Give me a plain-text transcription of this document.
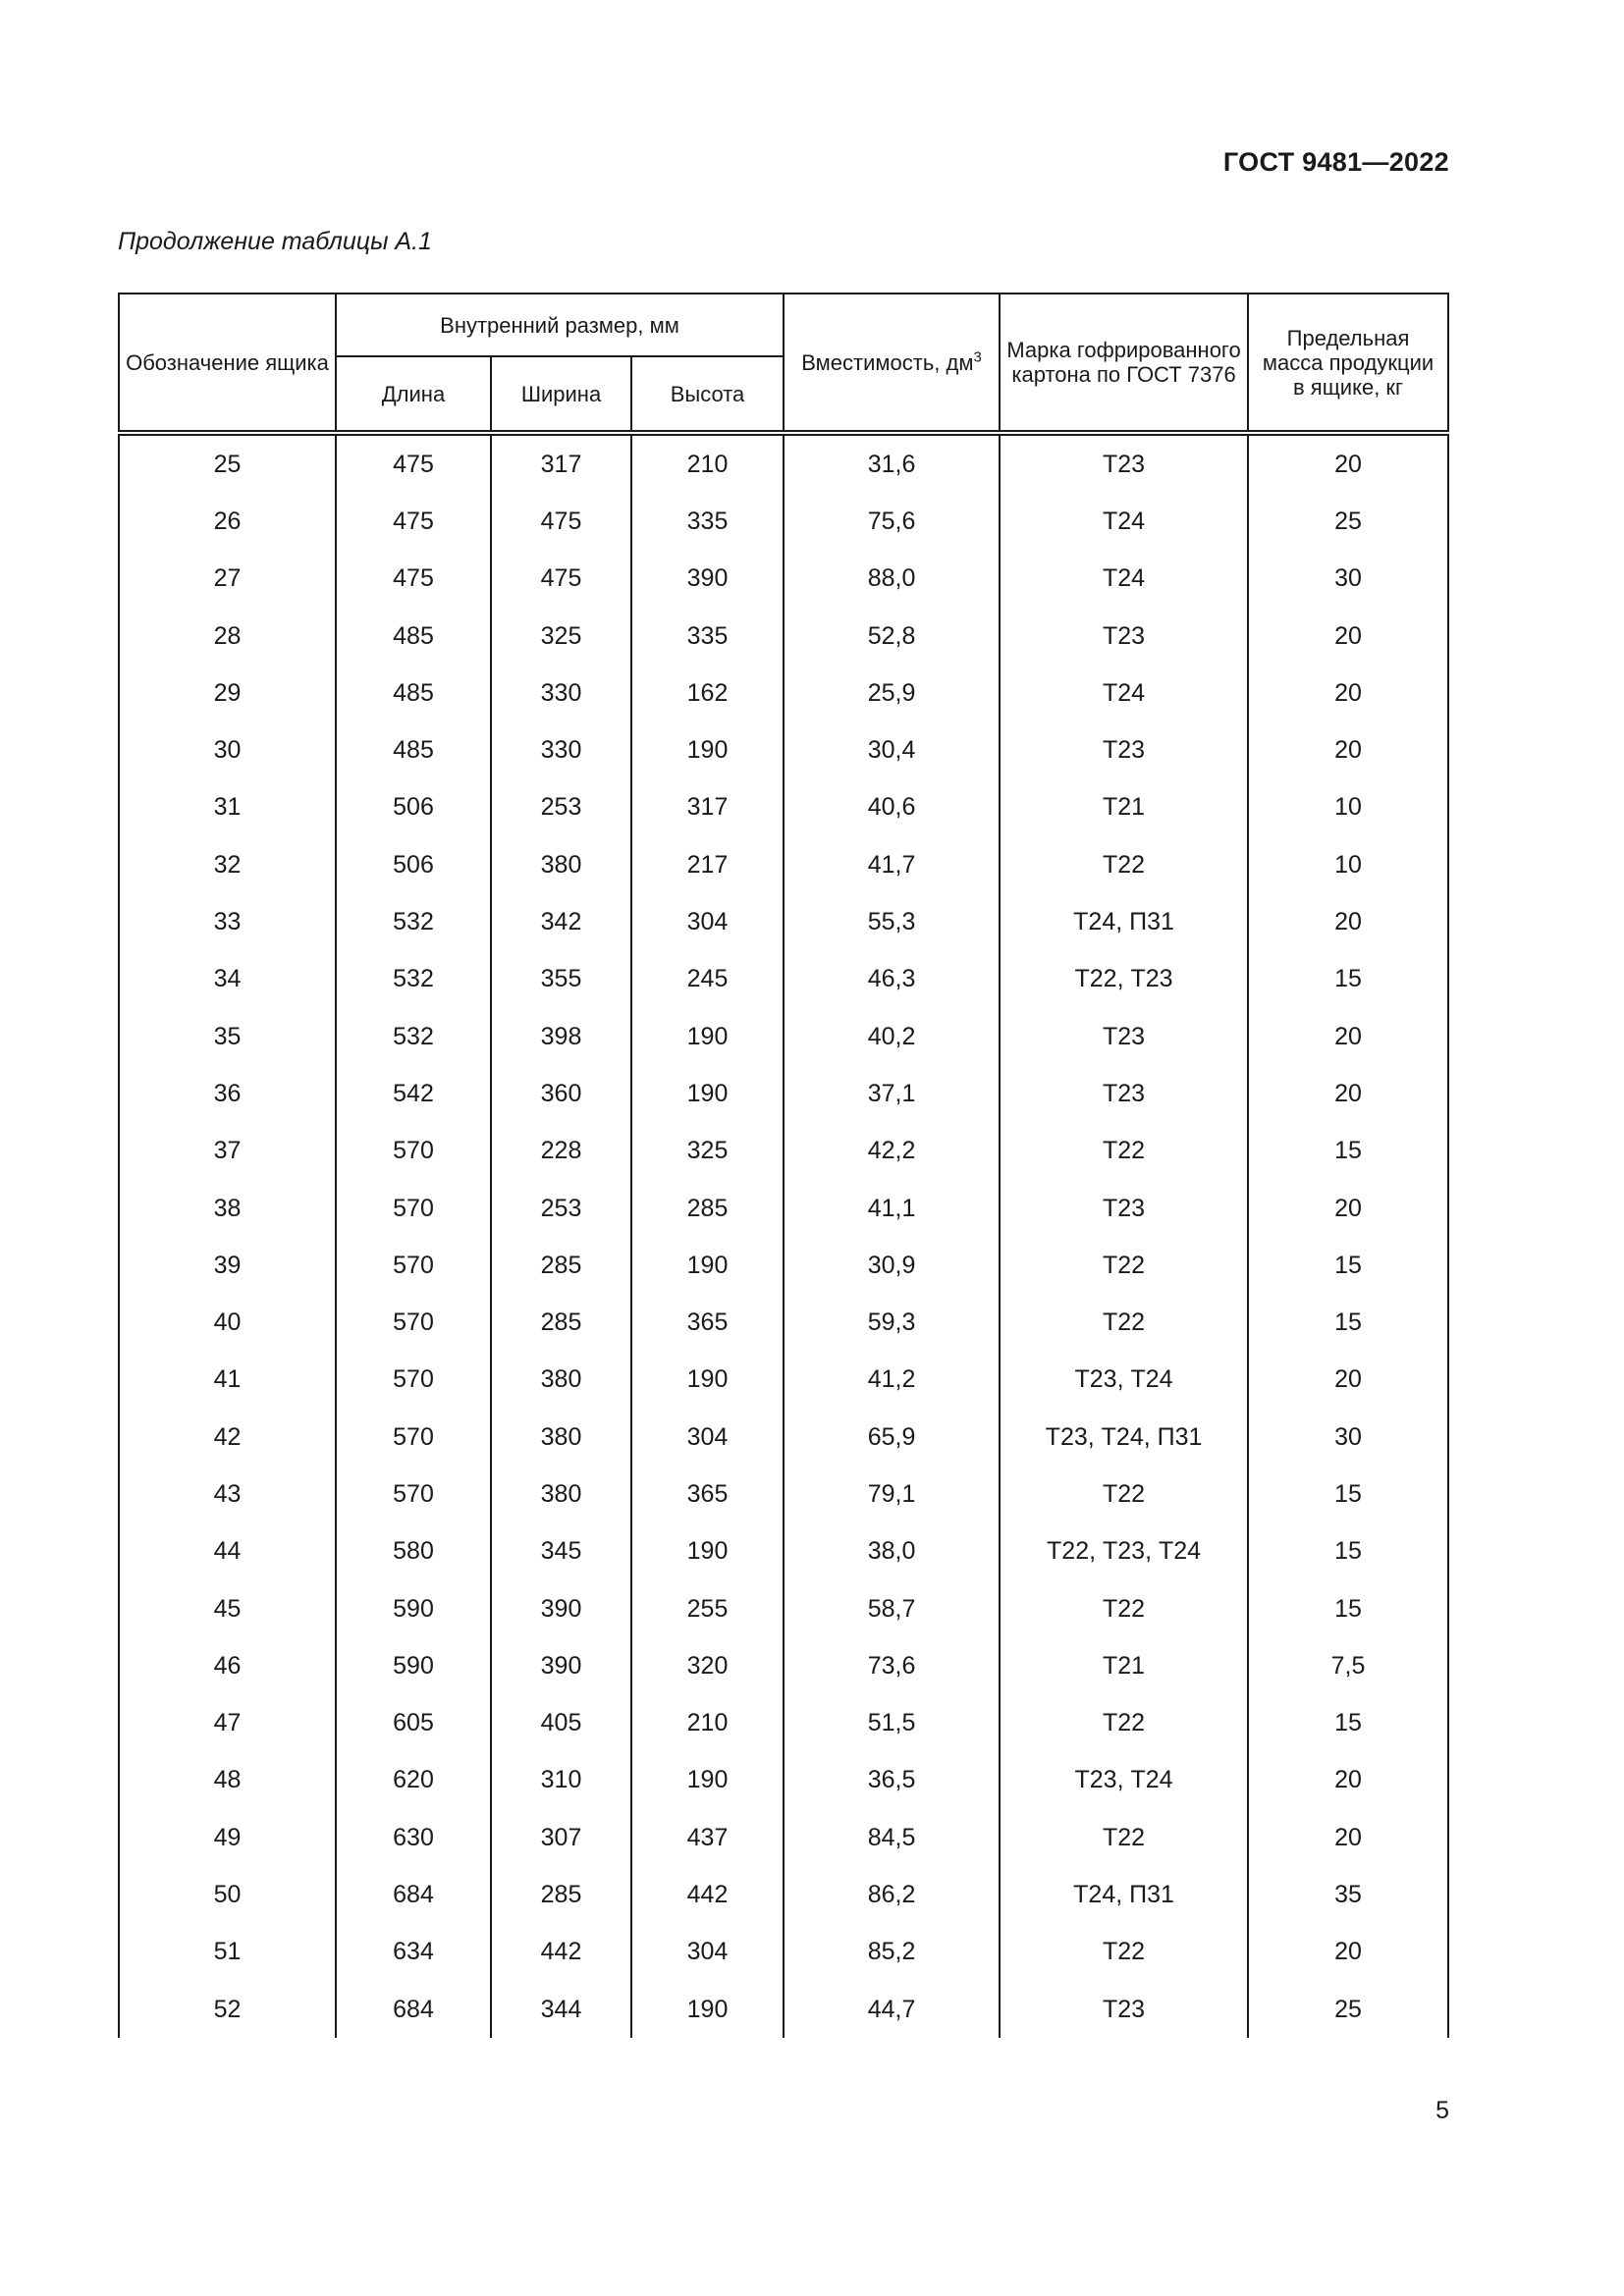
ГОСТ 9481—2022
Продолжение таблицы А.1
Обозначение ящика	Внутренний размер, мм			Вместимость, $дм^3$	Марка гофрированного картона по ГОСТ 7376	Предельная масса продукции в ящике, кг
	Длина	Ширина	Высота			
25	475	317	210	31,6	Т23	20
26	475	475	335	75,6	Т24	25
27	475	475	390	88,0	Т24	30
28	485	325	335	52,8	Т23	20
29	485	330	162	25,9	Т24	20
30	485	330	190	30,4	Т23	20
31	506	253	317	40,6	Т21	10
32	506	380	217	41,7	Т22	10
33	532	342	304	55,3	Т24, П31	20
34	532	355	245	46,3	Т22, Т23	15
35	532	398	190	40,2	Т23	20
36	542	360	190	37,1	Т23	20
37	570	228	325	42,2	Т22	15
38	570	253	285	41,1	Т23	20
39	570	285	190	30,9	Т22	15
40	570	285	365	59,3	Т22	15
41	570	380	190	41,2	Т23, Т24	20
42	570	380	304	65,9	Т23, Т24, П31	30
43	570	380	365	79,1	Т22	15
44	580	345	190	38,0	Т22, Т23, Т24	15
45	590	390	255	58,7	Т22	15
46	590	390	320	73,6	Т21	7,5
47	605	405	210	51,5	Т22	15
48	620	310	190	36,5	Т23, Т24	20
49	630	307	437	84,5	Т22	20
50	684	285	442	86,2	Т24, П31	35
51	634	442	304	85,2	Т22	20
52	684	344	190	44,7	Т23	25
5
